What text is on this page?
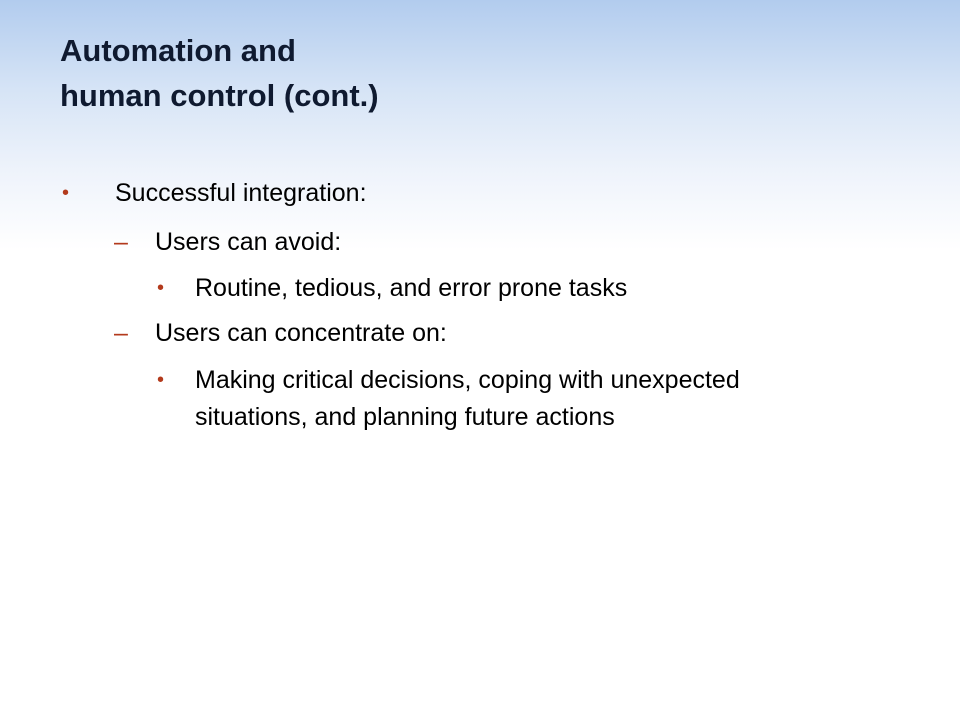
Automation and
human control (cont.)
• Successful integration:
– Users can avoid:
• Routine, tedious, and error prone tasks
– Users can concentrate on:
• Making critical decisions, coping with unexpected
situations, and planning future actions
